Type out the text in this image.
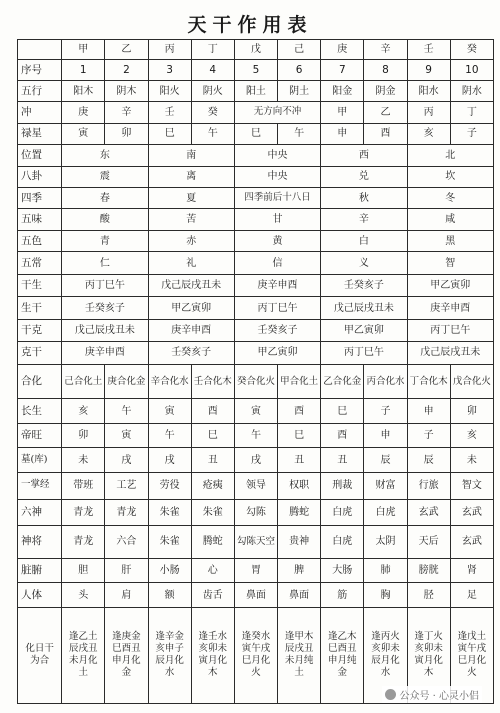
天干作用表
	甲	乙	丙	丁	戊	己	庚	辛	壬	癸
序号	1	2	3	4	5	6	7	8	9	10
五行	阳木	阴木	阳火	阴火	阳土	阴土	阳金	阴金	阳水	阴水
冲	庚	辛	壬	癸	无方向不冲		甲	乙	丙	丁
禄星	寅	卯	巳	午	巳	午	申	酉	亥	子
位置	东		南		中央		西		北	
八卦	震		离		中央		兑		坎	
四季	春		夏		四季前后十八日		秋		冬	
五味	酸		苦		甘		辛		咸	
五色	青		赤		黄		白		黑	
五常	仁		礼		信		义		智	
干生	丙丁巳午		戊己辰戌丑未		庚辛申酉		壬癸亥子		甲乙寅卯	
生干	壬癸亥子		甲乙寅卯		丙丁巳午		戊己辰戌丑未		庚辛申酉	
干克	戊己辰戌丑未		庚辛申酉		壬癸亥子		甲乙寅卯		丙丁巳午	
克干	庚辛申酉		壬癸亥子		甲乙寅卯		丙丁巳午		戊己辰戌丑未	
合化	己合化土	庚合化金	辛合化水	壬合化木	癸合化火	甲合化土	乙合化金	丙合化水	丁合化木	戊合化火
长生	亥	午	寅	酉	寅	酉	巳	子	申	卯
帝旺	卯	寅	午	巳	午	巳	酉	申	子	亥
墓(库)	未	戌	戌	丑	戌	丑	丑	辰	辰	未
一掌经	带班	工艺	劳役	疮痍	领导	权职	刑裁	财富	行旅	智文
六神	青龙	青龙	朱雀	朱雀	勾陈	腾蛇	白虎	白虎	玄武	玄武
神将	青龙	六合	朱雀	腾蛇	勾陈天空	贵神	白虎	太阴	天后	玄武
脏腑	胆	肝	小肠	心	胃	脾	大肠	肺	膀胱	肾
人体	头	肩	额	齿舌	鼻面	鼻面	筋	胸	胫	足
化日干为合	逢乙土辰戌丑未月化土	逢庚金巳酉丑申月化金	逢辛金亥申子辰月化水	逢壬水亥卯未寅月化木	逢癸水寅午戌巳月化火	逢甲木辰戌丑未月纯土	逢乙木巳酉丑申月纯金	逢丙火亥卯未辰月化水	逢丁火亥卯未寅月化木	逢戊土寅午戌巳月化火
公众号 · 心灵小侣
